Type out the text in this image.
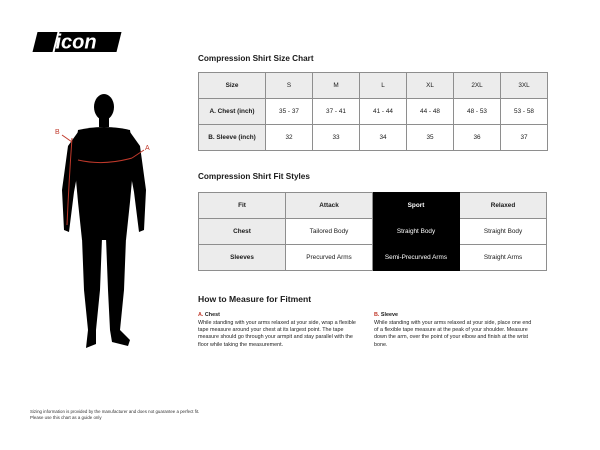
icon
B
A
Compression Shirt Size Chart
Size	S	M	L	XL	2XL	3XL
A. Chest (inch)	35 - 37	37 - 41	41 - 44	44 - 48	48 - 53	53 - 58
B. Sleeve (inch)	32	33	34	35	36	37
Compression Shirt Fit Styles
Fit	Attack	Sport	Relaxed
Chest	Tailored Body	Straight Body	Straight Body
Sleeves	Precurved Arms	Semi-Precurved Arms	Straight Arms
How to Measure for Fitment

A. Chest

While standing with your arms relaxed at your side, wrap a flexible tape measure around your chest at its largest point. The tape measure should go through your armpit and stay parallel with the floor while taking the measurement.

B. Sleeve

While standing with your arms relaxed at your side, place one end of a flexible tape measure at the peak of your shoulder. Measure down the arm, over the point of your elbow and finish at the wrist bone.

Sizing information is provided by the manufacturer and does not guarantee a perfect fit.
Please use this chart as a guide only
